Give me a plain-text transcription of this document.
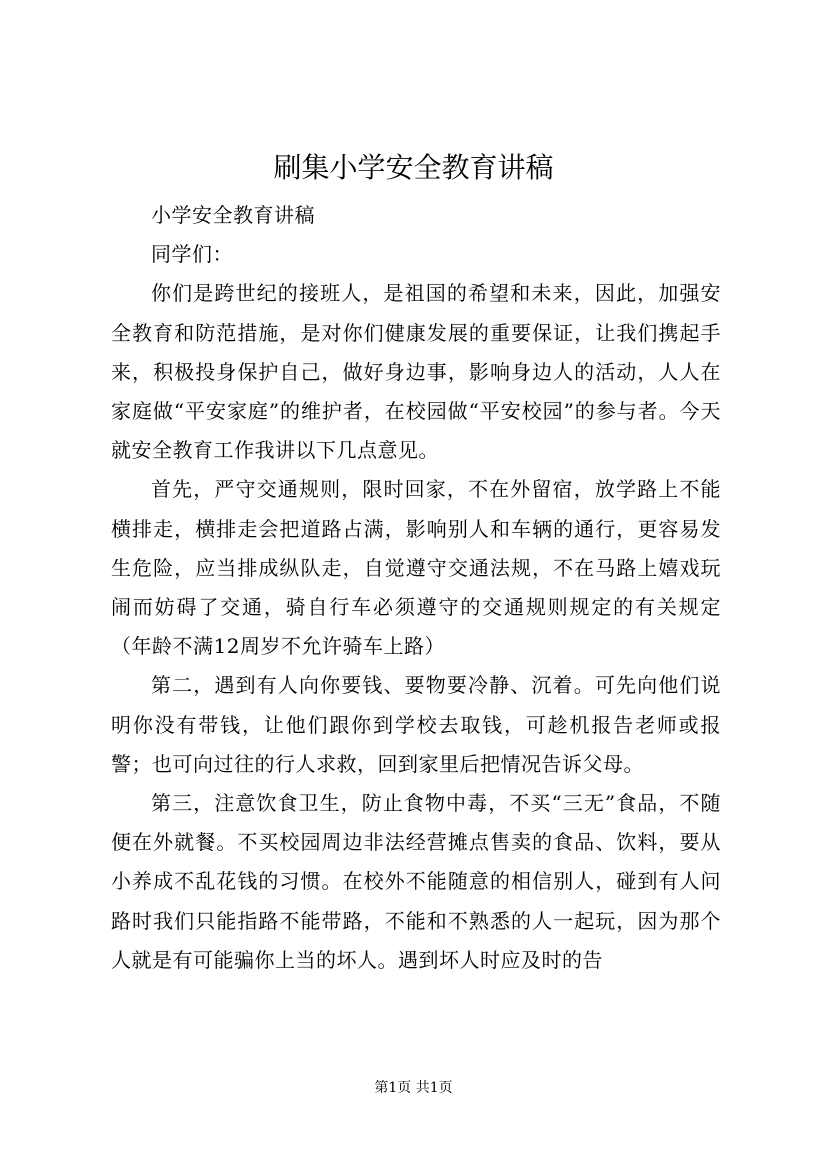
刷集小学安全教育讲稿

小学安全教育讲稿

同学们：

你们是跨世纪的接班人，是祖国的希望和未来，因此，加强安全教育和防范措施，是对你们健康发展的重要保证，让我们携起手来，积极投身保护自己，做好身边事，影响身边人的活动，人人在家庭做“平安家庭”的维护者，在校园做“平安校园”的参与者。今天就安全教育工作我讲以下几点意见。

首先，严守交通规则，限时回家，不在外留宿，放学路上不能横排走，横排走会把道路占满，影响别人和车辆的通行，更容易发生危险，应当排成纵队走，自觉遵守交通法规，不在马路上嬉戏玩闹而妨碍了交通，骑自行车必须遵守的交通规则规定的有关规定（年龄不满12周岁不允许骑车上路）

第二，遇到有人向你要钱、要物要冷静、沉着。可先向他们说明你没有带钱，让他们跟你到学校去取钱，可趁机报告老师或报警；也可向过往的行人求救，回到家里后把情况告诉父母。

第三，注意饮食卫生，防止食物中毒，不买“三无”食品，不随便在外就餐。不买校园周边非法经营摊点售卖的食品、饮料，要从小养成不乱花钱的习惯。在校外不能随意的相信别人，碰到有人问路时我们只能指路不能带路，不能和不熟悉的人一起玩，因为那个人就是有可能骗你上当的坏人。遇到坏人时应及时的告

第1页 共1页
